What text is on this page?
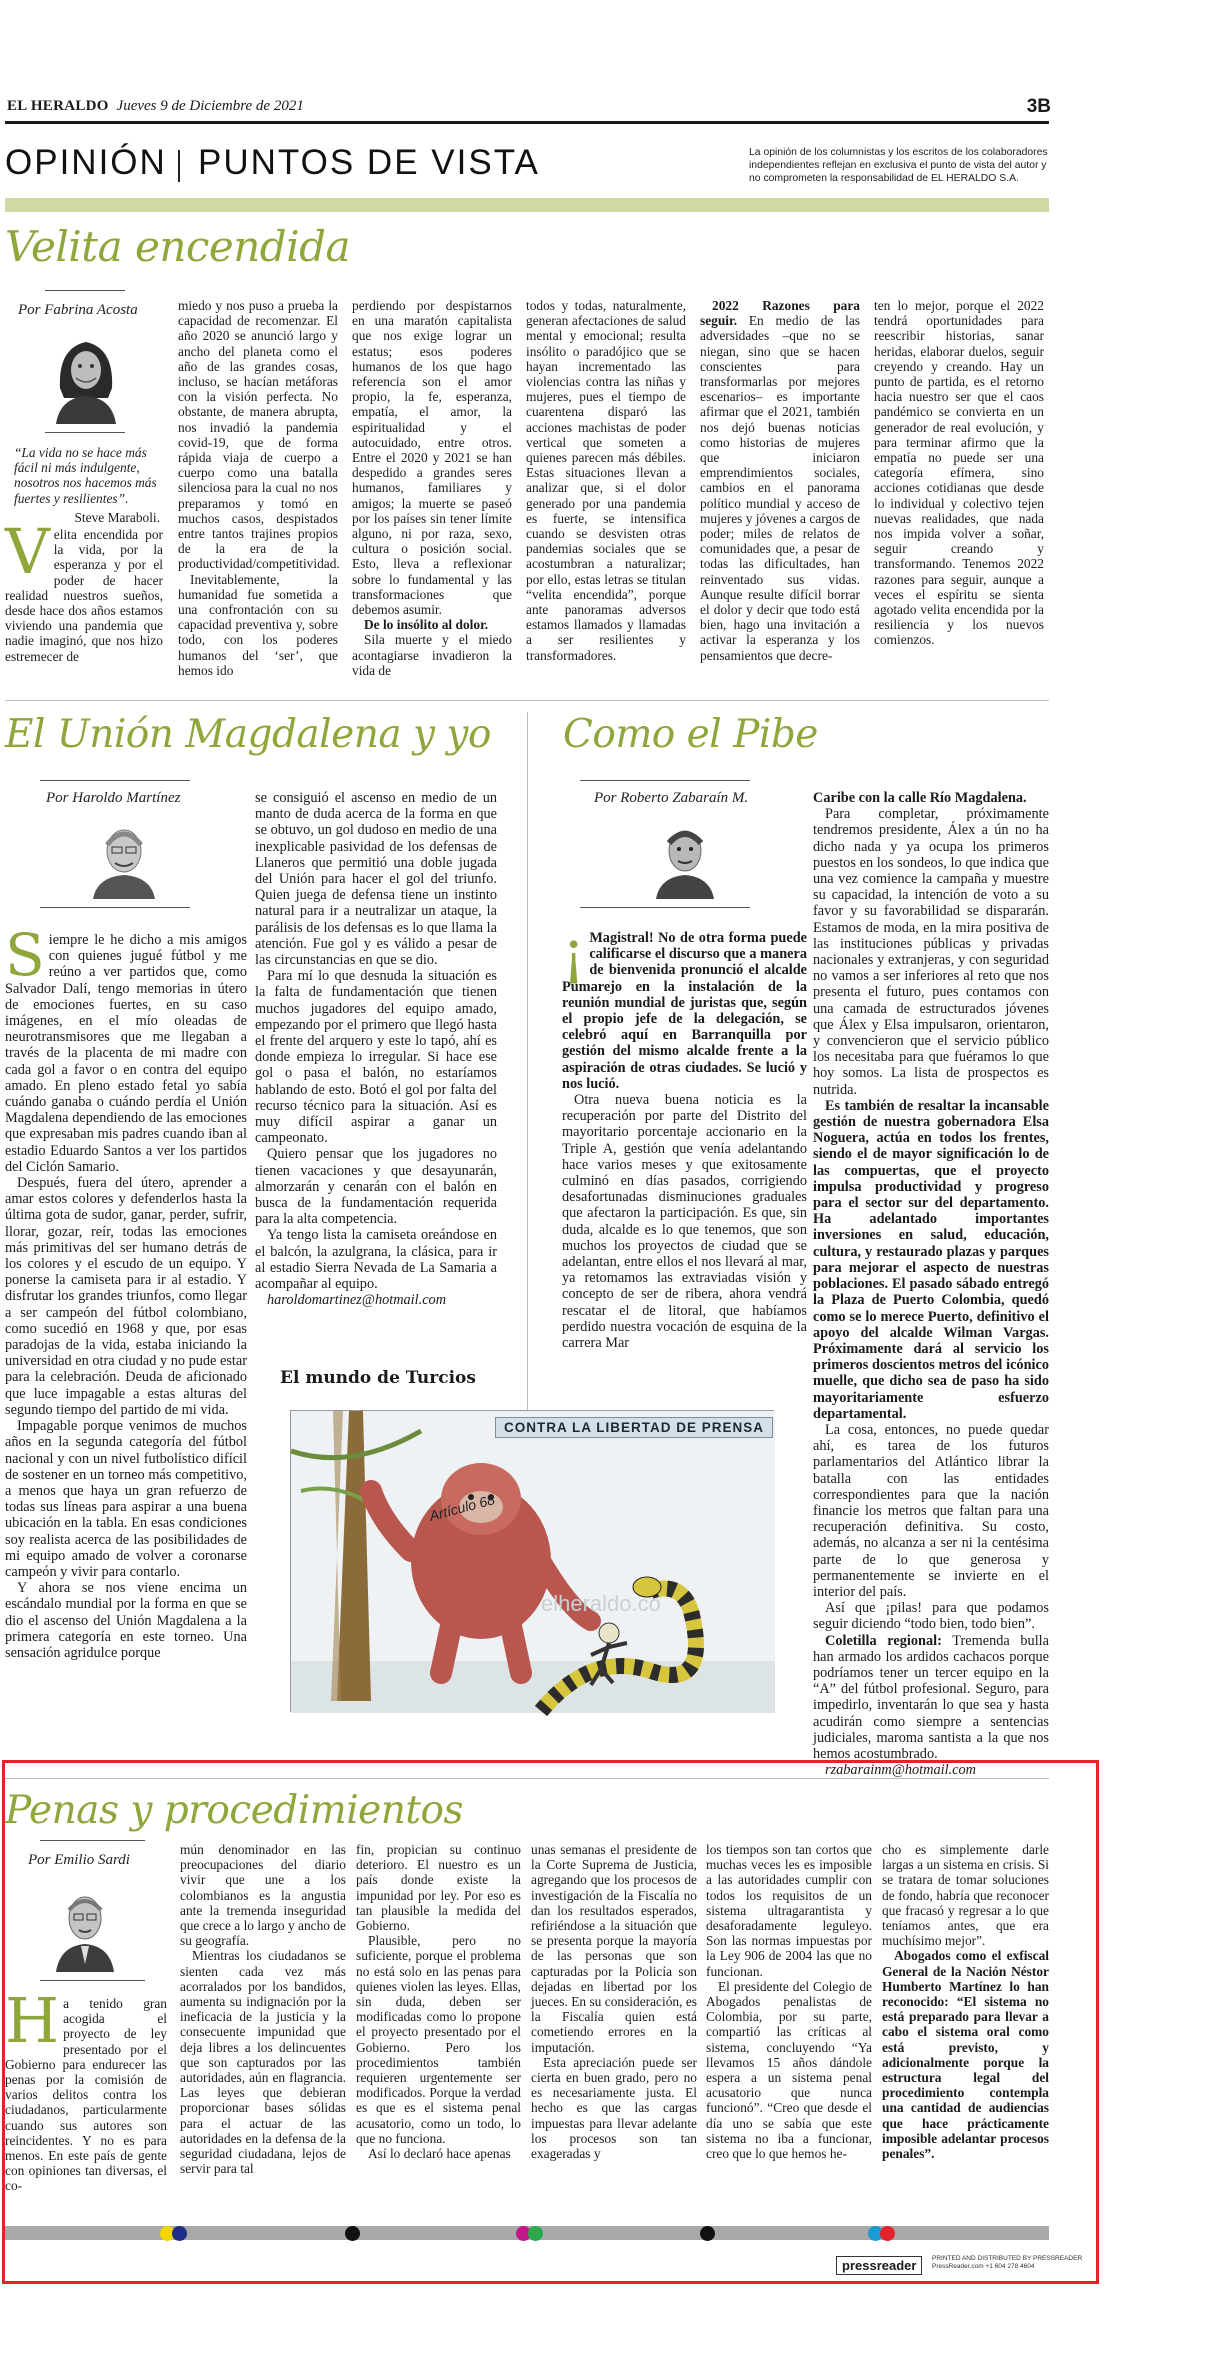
EL HERALDO Jueves 9 de Diciembre de 2021	3B
OPINIÓN PUNTOS DE VISTA	La opinión de los columnistas y los escritos de los colaboradores independientes reflejan en exclusiva el punto de vista del autor y no comprometen la responsabilidad de EL HERALDO S.A.
Velita encendida
Por Fabrina Acosta
“La vida no se hace más fácil ni más indulgente, nosotros nos hacemos más fuertes y resilientes”.
Steve Maraboli.
V elita encendida por la vida, por la esperanza y por el poder de hacer realidad nuestros sueños, desde hace dos años estamos viviendo una pandemia que nadie imaginó, que nos hizo estremecer de

miedo y nos puso a prueba la capacidad de recomenzar. El año 2020 se anunció largo y ancho del planeta como el año de las grandes cosas, incluso, se hacían metáforas con la visión perfecta. No obstante, de manera abrupta, nos invadió la pandemia covid-19, que de forma rápida viaja de cuerpo a cuerpo como una batalla silenciosa para la cual no nos preparamos y tomó en muchos casos, despistados entre tantos trajines propios de la era de la productividad/competitividad.

Inevitablemente, la humanidad fue sometida a una confrontación con su capacidad preventiva y, sobre todo, con los poderes humanos del ‘ser’, que hemos ido

perdiendo por despistarnos en una maratón capitalista que nos exige lograr un estatus; esos poderes humanos de los que hago referencia son el amor propio, la fe, esperanza, empatía, el amor, la espiritualidad y el autocuidado, entre otros. Entre el 2020 y 2021 se han despedido a grandes seres humanos, familiares y amigos; la muerte se paseó por los países sin tener límite alguno, ni por raza, sexo, cultura o posición social. Esto, lleva a reflexionar sobre lo fundamental y las transformaciones que debemos asumir.

De lo insólito al dolor.

Sila muerte y el miedo acontagiarse invadieron la vida de

todos y todas, naturalmente, generan afectaciones de salud mental y emocional; resulta insólito o paradójico que se hayan incrementado las violencias contra las niñas y mujeres, pues el tiempo de cuarentena disparó las acciones machistas de poder vertical que someten a quienes parecen más débiles. Estas situaciones llevan a analizar que, si el dolor generado por una pandemia es fuerte, se intensifica cuando se desvisten otras pandemias sociales que se acostumbran a naturalizar; por ello, estas letras se titulan “velita encendida”, porque ante panoramas adversos estamos llamados y llamadas a ser resilientes y transformadores.

2022 Razones para seguir. En medio de las adversidades –que no se niegan, sino que se hacen conscientes para transformarlas por mejores escenarios– es importante afirmar que el 2021, también nos dejó buenas noticias como historias de mujeres que iniciaron emprendimientos sociales, cambios en el panorama político mundial y acceso de mujeres y jóvenes a cargos de poder; miles de relatos de comunidades que, a pesar de todas las dificultades, han reinventado sus vidas. Aunque resulte difícil borrar el dolor y decir que todo está bien, hago una invitación a activar la esperanza y los pensamientos que decre-

ten lo mejor, porque el 2022 tendrá oportunidades para reescribir historias, sanar heridas, elaborar duelos, seguir creyendo y creando. Hay un punto de partida, es el retorno hacia nuestro ser que el caos pandémico se convierta en un generador de real evolución, y para terminar afirmo que la empatía no puede ser una categoría efímera, sino acciones cotidianas que desde lo individual y colectivo tejen nuevas realidades, que nada nos impida volver a soñar, seguir creando y transformando. Tenemos 2022 razones para seguir, aunque a veces el espíritu se sienta agotado velita encendida por la resiliencia y los nuevos comienzos.

El Unión Magdalena y yo
Por Haroldo Martínez

Siempre le he dicho a mis amigos con quienes jugué fútbol y me reúno a ver partidos que, como Salvador Dalí, tengo memorias in útero de emociones fuertes, en su caso imágenes, en el mío oleadas de neurotransmisores que me llegaban a través de la placenta de mi madre con cada gol a favor o en contra del equipo amado. En pleno estado fetal yo sabía cuándo ganaba o cuándo perdía el Unión Magdalena dependiendo de las emociones que expresaban mis padres cuando iban al estadio Eduardo Santos a ver los partidos del Ciclón Samario.

Después, fuera del útero, aprender a amar estos colores y defenderlos hasta la última gota de sudor, ganar, perder, sufrir, llorar, gozar, reír, todas las emociones más primitivas del ser humano detrás de los colores y el escudo de un equipo. Y ponerse la camiseta para ir al estadio. Y disfrutar los grandes triunfos, como llegar a ser campeón del fútbol colombiano, como sucedió en 1968 y que, por esas paradojas de la vida, estaba iniciando la universidad en otra ciudad y no pude estar para la celebración. Deuda de aficionado que luce impagable a estas alturas del segundo tiempo del partido de mi vida.

Impagable porque venimos de muchos años en la segunda categoría del fútbol nacional y con un nivel futbolístico difícil de sostener en un torneo más competitivo, a menos que haya un gran refuerzo de todas sus líneas para aspirar a una buena ubicación en la tabla. En esas condiciones soy realista acerca de las posibilidades de mi equipo amado de volver a coronarse campeón y vivir para contarlo.

Y ahora se nos viene encima un escándalo mundial por la forma en que se dio el ascenso del Unión Magdalena a la primera categoría en este torneo. Una sensación agridulce porque

se consiguió el ascenso en medio de un manto de duda acerca de la forma en que se obtuvo, un gol dudoso en medio de una inexplicable pasividad de los defensas de Llaneros que permitió una doble jugada del Unión para hacer el gol del triunfo. Quien juega de defensa tiene un instinto natural para ir a neutralizar un ataque, la parálisis de los defensas es lo que llama la atención. Fue gol y es válido a pesar de las circunstancias en que se dio.

Para mí lo que desnuda la situación es la falta de fundamentación que tienen muchos jugadores del equipo amado, empezando por el primero que llegó hasta el frente del arquero y este lo tapó, ahí es donde empieza lo irregular. Si hace ese gol o pasa el balón, no estaríamos hablando de esto. Botó el gol por falta del recurso técnico para la situación. Así es muy difícil aspirar a ganar un campeonato.

Quiero pensar que los jugadores no tienen vacaciones y que desayunarán, almorzarán y cenarán con el balón en busca de la fundamentación requerida para la alta competencia.

Ya tengo lista la camiseta oreándose en el balcón, la azulgrana, la clásica, para ir al estadio Sierra Nevada de La Samaria a acompañar al equipo.

haroldomartinez@hotmail.com

El mundo de Turcios
Artículo 68
elheraldo.co
CONTRA LA LIBERTAD DE PRENSA
Como el Pibe
Por Roberto Zabaraín M.

¡ Magistral! No de otra forma puede calificarse el discurso que a manera de bienvenida pronunció el alcalde Pumarejo en la instalación de la reunión mundial de juristas que, según el propio jefe de la delegación, se celebró aquí en Barranquilla por gestión del mismo alcalde frente a la aspiración de otras ciudades. Se lució y nos lució.

Otra nueva buena noticia es la recuperación por parte del Distrito del mayoritario porcentaje accionario en la Triple A, gestión que venía adelantando hace varios meses y que exitosamente culminó en días pasados, corrigiendo desafortunadas disminuciones graduales que afectaron la participación. Es que, sin duda, alcalde es lo que tenemos, que son muchos los proyectos de ciudad que se adelantan, entre ellos el nos llevará al mar, ya retomamos las extraviadas visión y concepto de ser de ribera, ahora vendrá rescatar el de litoral, que habíamos perdido nuestra vocación de esquina de la carrera Mar

Caribe con la calle Río Magdalena.

Para completar, próximamente tendremos presidente, Álex a ún no ha dicho nada y ya ocupa los primeros puestos en los sondeos, lo que indica que una vez comience la campaña y muestre su capacidad, la intención de voto a su favor y su favorabilidad se dispararán. Estamos de moda, en la mira positiva de las instituciones públicas y privadas nacionales y extranjeras, y con seguridad no vamos a ser inferiores al reto que nos presenta el futuro, pues contamos con una camada de estructurados jóvenes que Álex y Elsa impulsaron, orientaron, y convencieron que el servicio público los necesitaba para que fuéramos lo que hoy somos. La lista de prospectos es nutrida.

Es también de resaltar la incansable gestión de nuestra gobernadora Elsa Noguera, actúa en todos los frentes, siendo el de mayor significación lo de las compuertas, que el proyecto impulsa productividad y progreso para el sector sur del departamento. Ha adelantado importantes inversiones en salud, educación, cultura, y restaurado plazas y parques para mejorar el aspecto de nuestras poblaciones. El pasado sábado entregó la Plaza de Puerto Colombia, quedó como se lo merece Puerto, definitivo el apoyo del alcalde Wilman Vargas. Próximamente dará al servicio los primeros doscientos metros del icónico muelle, que dicho sea de paso ha sido mayoritariamente esfuerzo departamental.

La cosa, entonces, no puede quedar ahí, es tarea de los futuros parlamentarios del Atlántico librar la batalla con las entidades correspondientes para que la nación financie los metros que faltan para una recuperación definitiva. Su costo, además, no alcanza a ser ni la centésima parte de lo que generosa y permanentemente se invierte en el interior del país.

Así que ¡pilas! para que podamos seguir diciendo “todo bien, todo bien”.

Coletilla regional: Tremenda bulla han armado los ardidos cachacos porque podríamos tener un tercer equipo en la “A” del fútbol profesional. Seguro, para impedirlo, inventarán lo que sea y hasta acudirán como siempre a sentencias judiciales, maroma santista a la que nos hemos acostumbrado.

rzabarainm@hotmail.com

Penas y procedimientos
Por Emilio Sardi

Ha tenido gran acogida el proyecto de ley presentado por el Gobierno para endurecer las penas por la comisión de varios delitos contra los ciudadanos, particularmente cuando sus autores son reincidentes. Y no es para menos. En este país de gente con opiniones tan diversas, el co-

mún denominador en las preocupaciones del diario vivir que une a los colombianos es la angustia ante la tremenda inseguridad que crece a lo largo y ancho de su geografía.

Mientras los ciudadanos se sienten cada vez más acorralados por los bandidos, aumenta su indignación por la ineficacia de la justicia y la consecuente impunidad que deja libres a los delincuentes que son capturados por las autoridades, aún en flagrancia. Las leyes que debieran proporcionar bases sólidas para el actuar de las autoridades en la defensa de la seguridad ciudadana, lejos de servir para tal

fin, propician su continuo deterioro. El nuestro es un país donde existe la impunidad por ley. Por eso es tan plausible la medida del Gobierno.

Plausible, pero no suficiente, porque el problema no está solo en las penas para quienes violen las leyes. Ellas, sin duda, deben ser modificadas como lo propone el proyecto presentado por el Gobierno. Pero los procedimientos también requieren urgentemente ser modificados. Porque la verdad es que es el sistema penal acusatorio, como un todo, lo que no funciona.

Así lo declaró hace apenas

unas semanas el presidente de la Corte Suprema de Justicia, agregando que los procesos de investigación de la Fiscalía no dan los resultados esperados, refiriéndose a la situación que se presenta porque la mayoría de las personas que son capturadas por la Policía son dejadas en libertad por los jueces. En su consideración, es la Fiscalía quien está cometiendo errores en la imputación.

Esta apreciación puede ser cierta en buen grado, pero no es necesariamente justa. El hecho es que las cargas impuestas para llevar adelante los procesos son tan exageradas y

los tiempos son tan cortos que muchas veces les es imposible a las autoridades cumplir con todos los requisitos de un sistema ultragarantista y desaforadamente leguleyo. Son las normas impuestas por la Ley 906 de 2004 las que no funcionan.

El presidente del Colegio de Abogados penalistas de Colombia, por su parte, compartió las críticas al sistema, concluyendo “Ya llevamos 15 años dándole espera a un sistema penal acusatorio que nunca funcionó”. “Creo que desde el día uno se sabía que este sistema no iba a funcionar, creo que lo que hemos he-

cho es simplemente darle largas a un sistema en crisis. Si se tratara de tomar soluciones de fondo, habría que reconocer que fracasó y regresar a lo que teníamos antes, que era muchísimo mejor”.

Abogados como el exfiscal General de la Nación Néstor Humberto Martínez lo han reconocido: “El sistema no está preparado para llevar a cabo el sistema oral como está previsto, y adicionalmente porque la estructura legal del procedimiento contempla una cantidad de audiencias que hace prácticamente imposible adelantar procesos penales”.

pressreader	PRINTED AND DISTRIBUTED BY PRESSREADER
PressReader.com +1 604 278 4604
